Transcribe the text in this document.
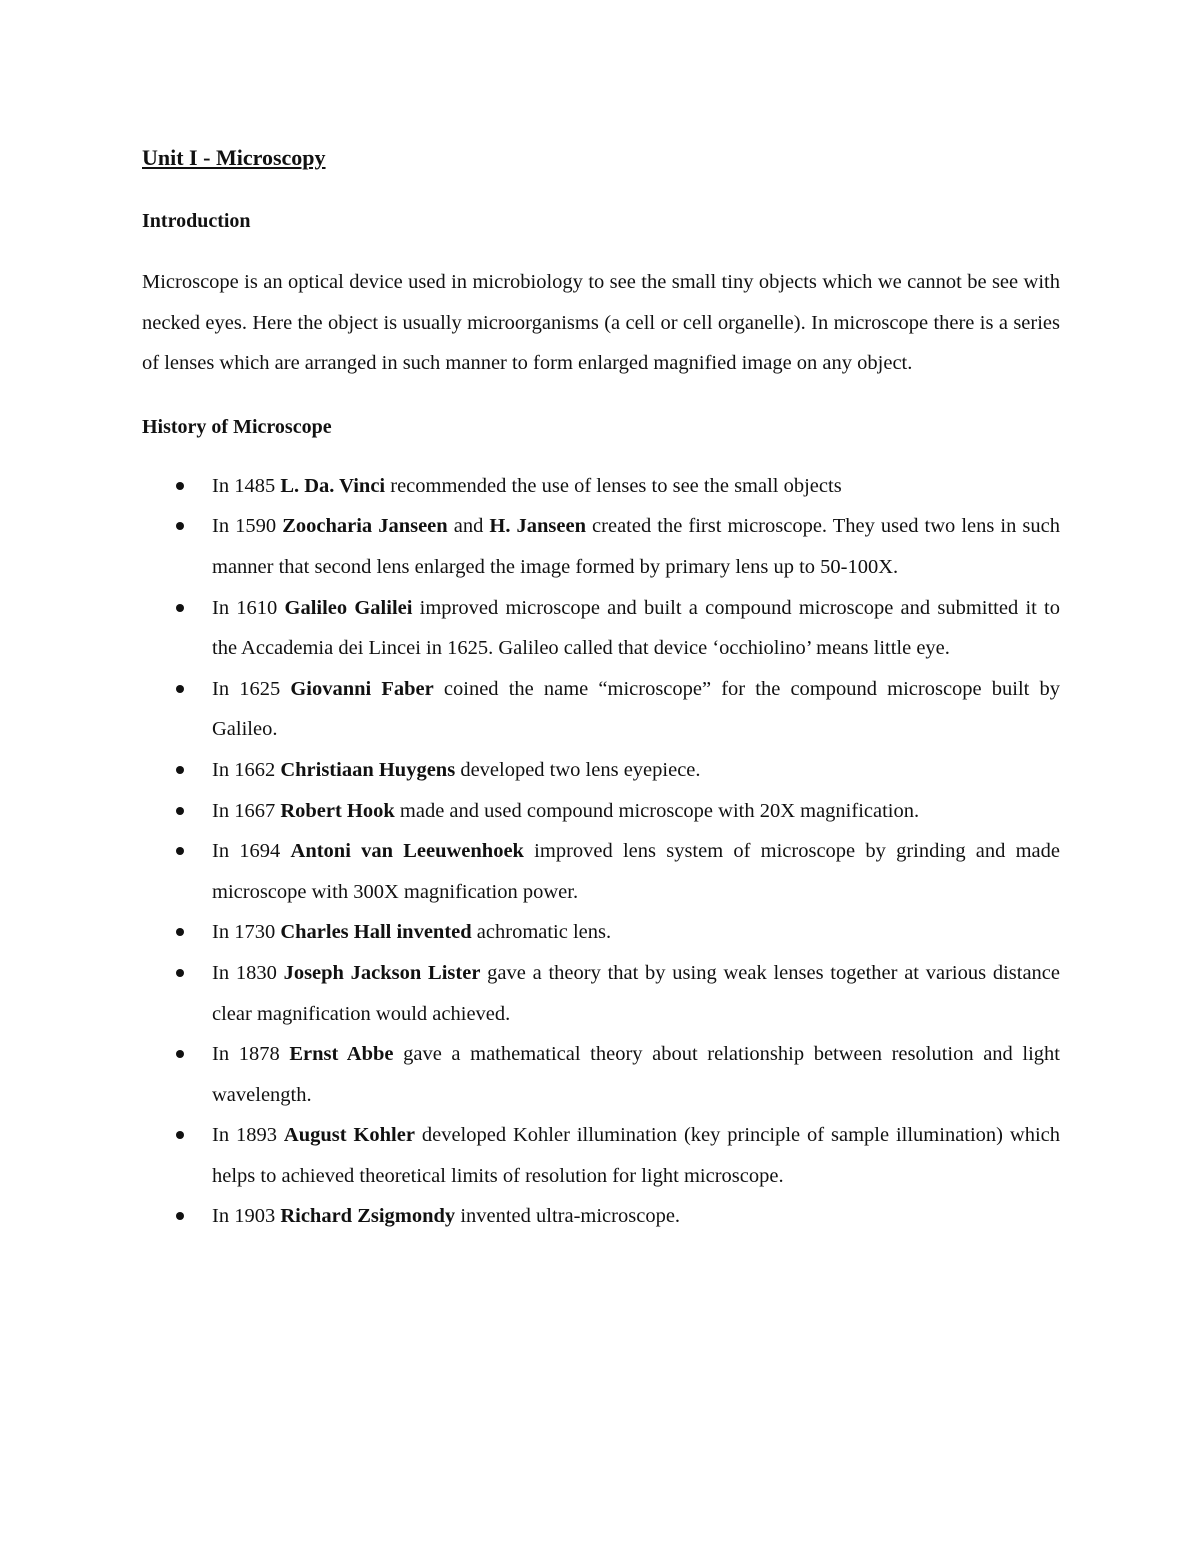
Unit I - Microscopy
Introduction

Microscope is an optical device used in microbiology to see the small tiny objects which we cannot be see with necked eyes. Here the object is usually microorganisms (a cell or cell organelle). In microscope there is a series of lenses which are arranged in such manner to form enlarged magnified image on any object.

History of Microscope
In 1485 L. Da. Vinci recommended the use of lenses to see the small objects
In 1590 Zoocharia Janseen and H. Janseen created the first microscope. They used two lens in such manner that second lens enlarged the image formed by primary lens up to 50-100X.
In 1610 Galileo Galilei improved microscope and built a compound microscope and submitted it to the Accademia dei Lincei in 1625. Galileo called that device ‘occhiolino’ means little eye.
In 1625 Giovanni Faber coined the name “microscope” for the compound microscope built by Galileo.
In 1662 Christiaan Huygens developed two lens eyepiece.
In 1667 Robert Hook made and used compound microscope with 20X magnification.
In 1694 Antoni van Leeuwenhoek improved lens system of microscope by grinding and made microscope with 300X magnification power.
In 1730 Charles Hall invented achromatic lens.
In 1830 Joseph Jackson Lister gave a theory that by using weak lenses together at various distance clear magnification would achieved.
In 1878 Ernst Abbe gave a mathematical theory about relationship between resolution and light wavelength.
In 1893 August Kohler developed Kohler illumination (key principle of sample illumination) which helps to achieved theoretical limits of resolution for light microscope.
In 1903 Richard Zsigmondy invented ultra-microscope.
